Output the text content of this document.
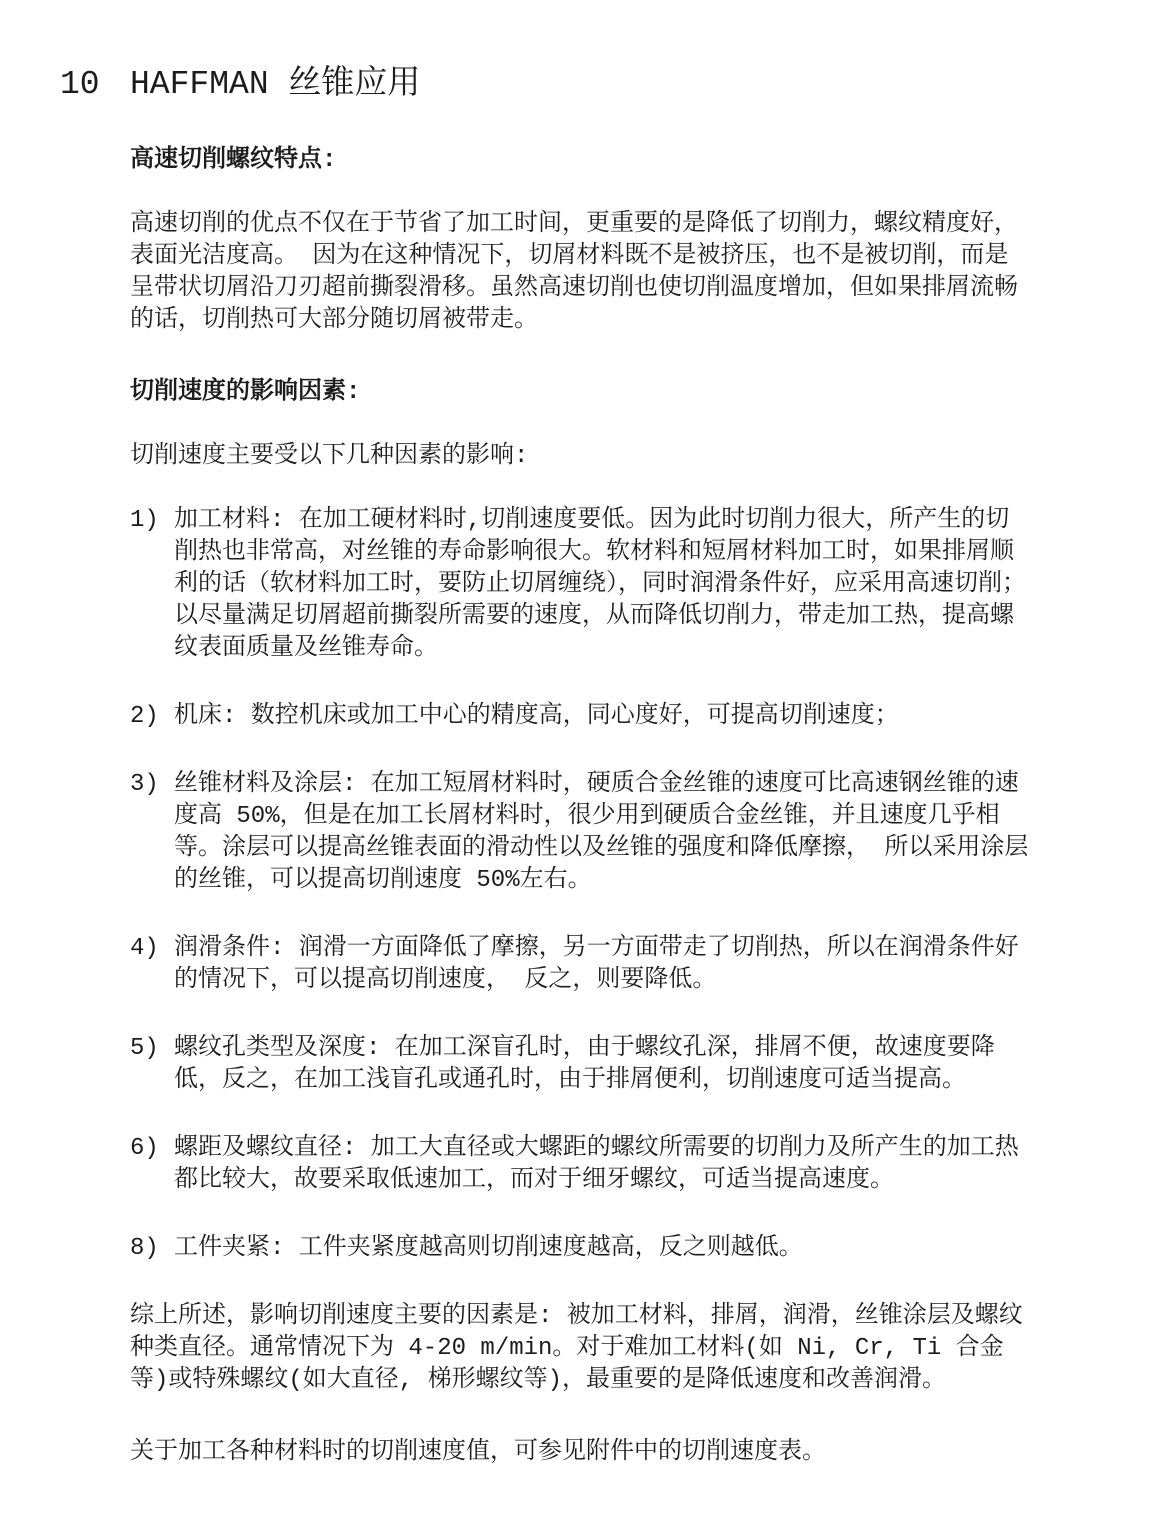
10 HAFFMAN 丝锥应用

高速切削螺纹特点:

高速切削的优点不仅在于节省了加工时间，更重要的是降低了切削力，螺纹精度好，表面光洁度高。 因为在这种情况下，切屑材料既不是被挤压，也不是被切削，而是呈带状切屑沿刀刃超前撕裂滑移。虽然高速切削也使切削温度增加，但如果排屑流畅的话，切削热可大部分随切屑被带走。

切削速度的影响因素:

切削速度主要受以下几种因素的影响:

1) 加工材料: 在加工硬材料时,切削速度要低。因为此时切削力很大，所产生的切削热也非常高，对丝锥的寿命影响很大。软材料和短屑材料加工时，如果排屑顺利的话（软材料加工时，要防止切屑缠绕），同时润滑条件好，应采用高速切削；以尽量满足切屑超前撕裂所需要的速度，从而降低切削力，带走加工热，提高螺纹表面质量及丝锥寿命。
2) 机床: 数控机床或加工中心的精度高，同心度好，可提高切削速度；
3) 丝锥材料及涂层: 在加工短屑材料时，硬质合金丝锥的速度可比高速钢丝锥的速度高 50%，但是在加工长屑材料时，很少用到硬质合金丝锥，并且速度几乎相等。涂层可以提高丝锥表面的滑动性以及丝锥的强度和降低摩擦， 所以采用涂层的丝锥，可以提高切削速度 50%左右。
4) 润滑条件: 润滑一方面降低了摩擦，另一方面带走了切削热，所以在润滑条件好的情况下，可以提高切削速度， 反之，则要降低。
5) 螺纹孔类型及深度: 在加工深盲孔时，由于螺纹孔深，排屑不便，故速度要降低，反之，在加工浅盲孔或通孔时，由于排屑便利，切削速度可适当提高。
6) 螺距及螺纹直径: 加工大直径或大螺距的螺纹所需要的切削力及所产生的加工热都比较大，故要采取低速加工，而对于细牙螺纹，可适当提高速度。
8) 工件夹紧: 工件夹紧度越高则切削速度越高，反之则越低。

综上所述，影响切削速度主要的因素是: 被加工材料，排屑，润滑，丝锥涂层及螺纹种类直径。通常情况下为 4-20 m/min。对于难加工材料(如 Ni, Cr, Ti 合金等)或特殊螺纹(如大直径, 梯形螺纹等)，最重要的是降低速度和改善润滑。

关于加工各种材料时的切削速度值，可参见附件中的切削速度表。
